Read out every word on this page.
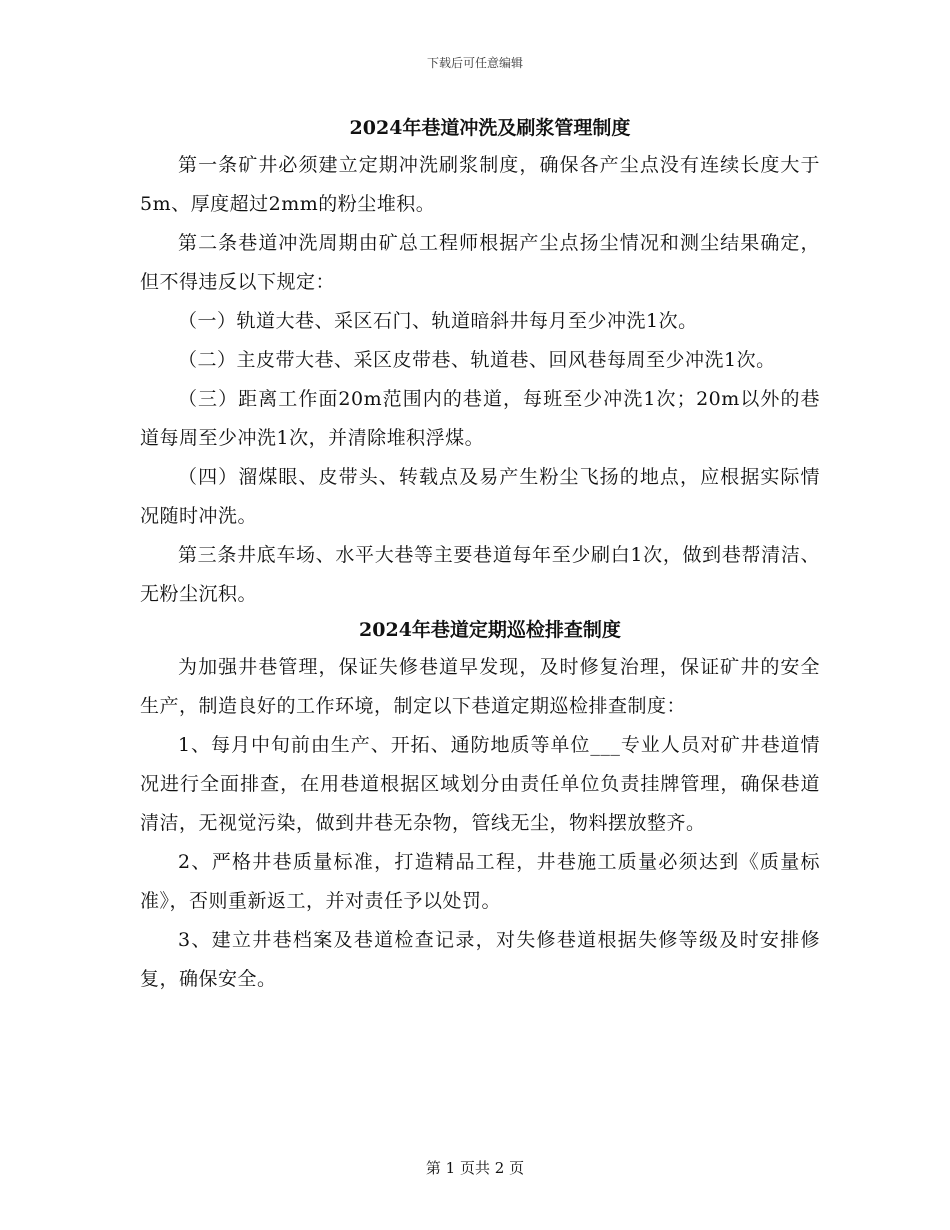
下载后可任意编辑
2024年巷道冲洗及刷浆管理制度

第一条矿井必须建立定期冲洗刷浆制度，确保各产尘点没有连续长度大于5m、厚度超过2mm的粉尘堆积。

第二条巷道冲洗周期由矿总工程师根据产尘点扬尘情况和测尘结果确定，但不得违反以下规定：

（一）轨道大巷、采区石门、轨道暗斜井每月至少冲洗1次。

（二）主皮带大巷、采区皮带巷、轨道巷、回风巷每周至少冲洗1次。

（三）距离工作面20m范围内的巷道，每班至少冲洗1次；20m以外的巷道每周至少冲洗1次，并清除堆积浮煤。

（四）溜煤眼、皮带头、转载点及易产生粉尘飞扬的地点，应根据实际情况随时冲洗。

第三条井底车场、水平大巷等主要巷道每年至少刷白1次，做到巷帮清洁、无粉尘沉积。

2024年巷道定期巡检排查制度

为加强井巷管理，保证失修巷道早发现，及时修复治理，保证矿井的安全生产，制造良好的工作环境，制定以下巷道定期巡检排查制度：

1、每月中旬前由生产、开拓、通防地质等单位___专业人员对矿井巷道情况进行全面排查，在用巷道根据区域划分由责任单位负责挂牌管理，确保巷道清洁，无视觉污染，做到井巷无杂物，管线无尘，物料摆放整齐。

2、严格井巷质量标准，打造精品工程，井巷施工质量必须达到《质量标准》，否则重新返工，并对责任予以处罚。

3、建立井巷档案及巷道检查记录，对失修巷道根据失修等级及时安排修复，确保安全。

第 1 页共 2 页
